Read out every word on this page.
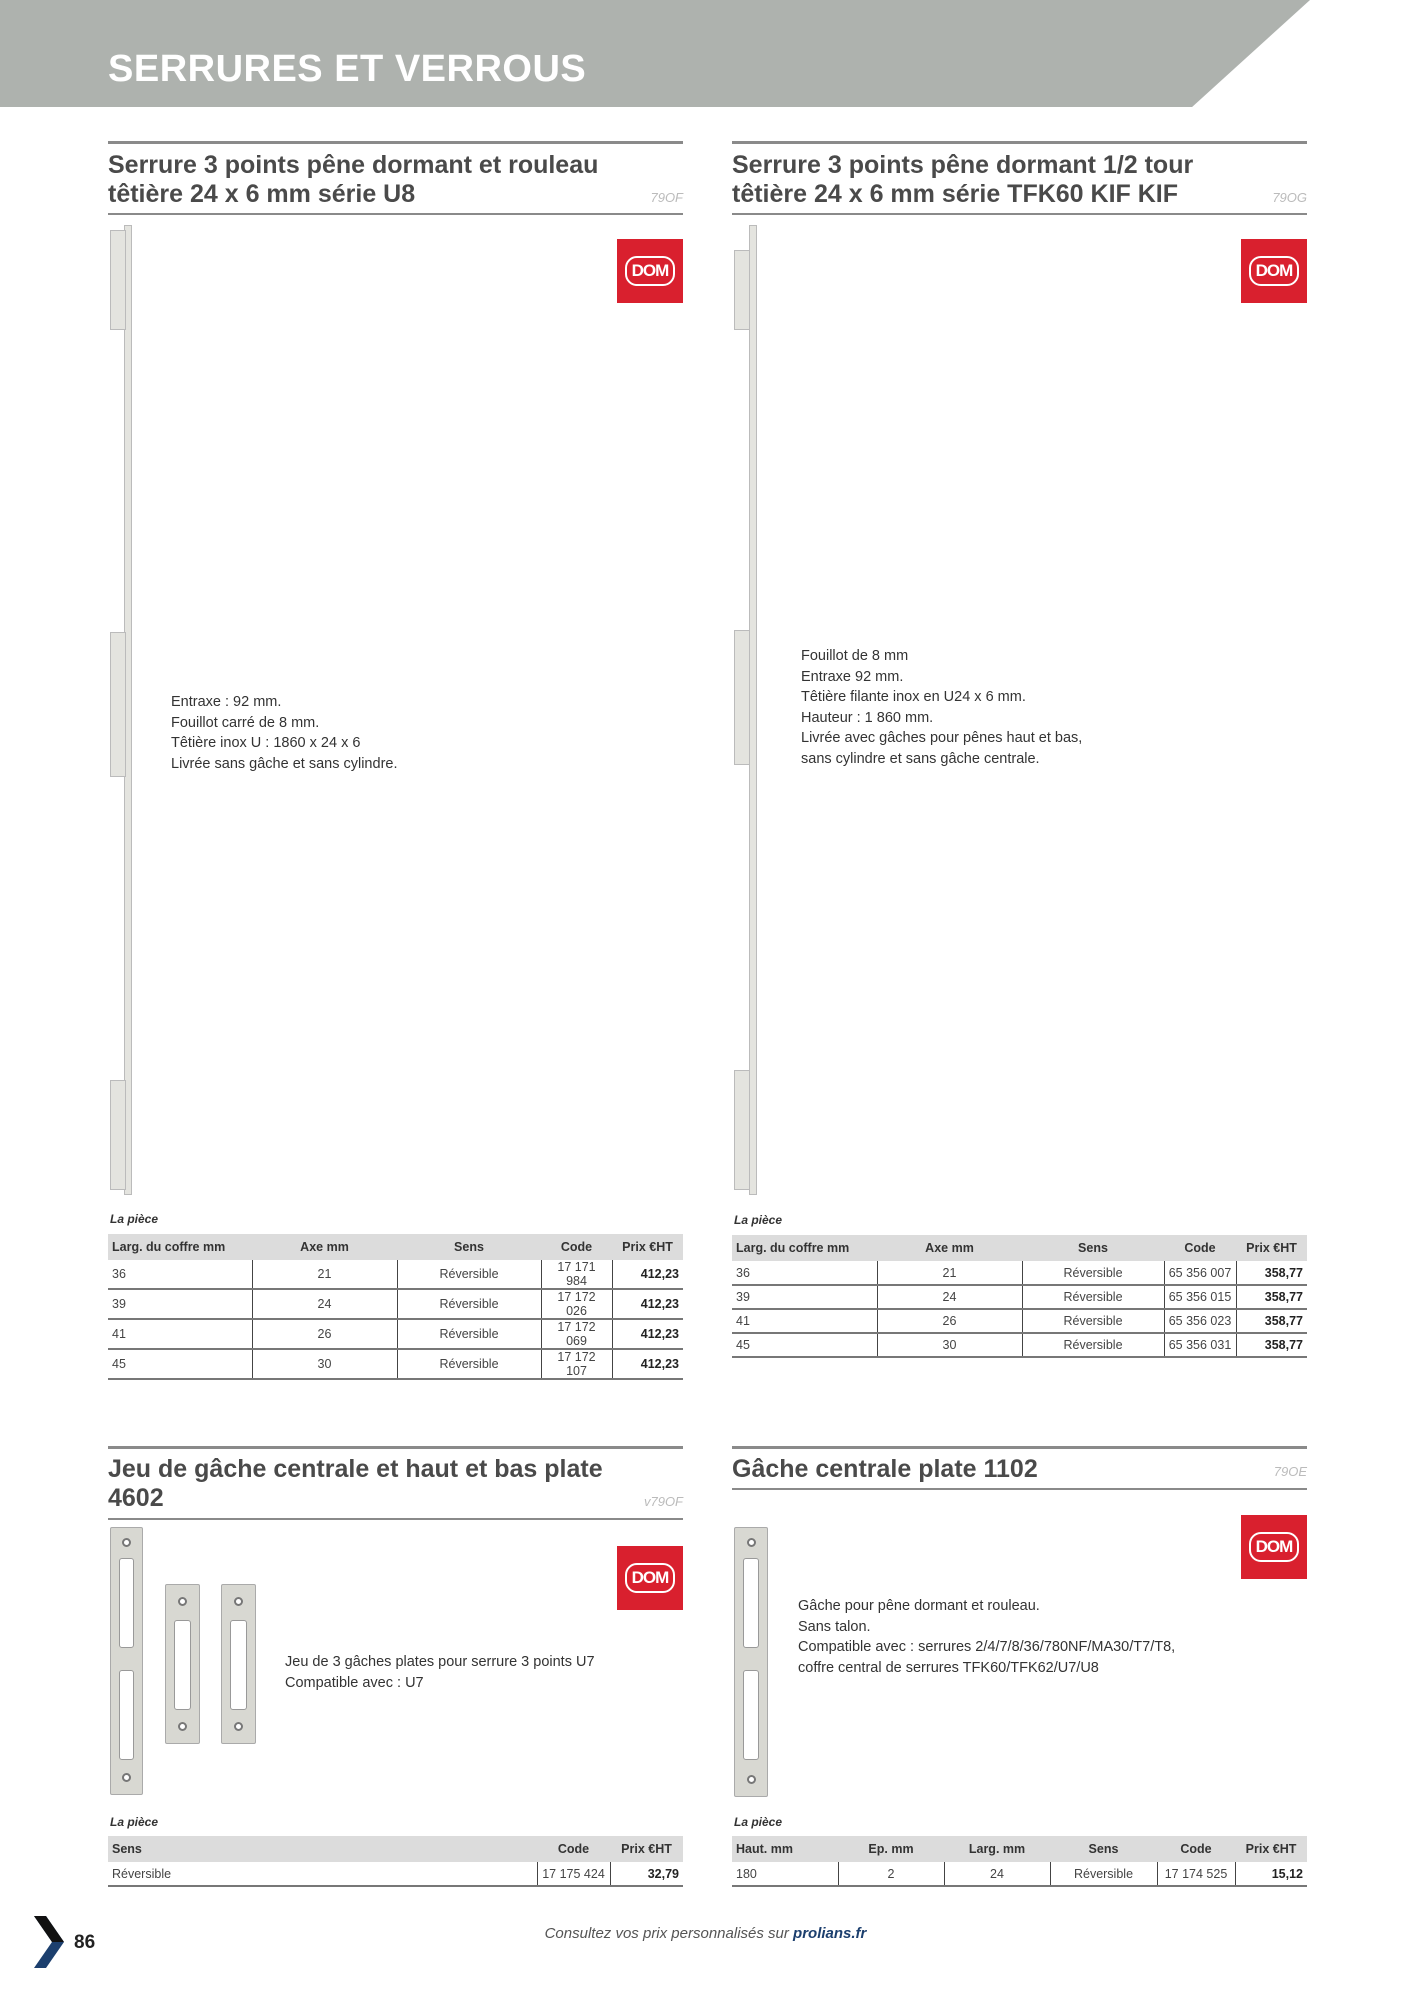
SERRURES ET VERROUS
Serrure 3 points pêne dormant et rouleau
têtière 24 x 6 mm série U8	79OF
DOM
Entraxe : 92 mm.
Fouillot carré de 8 mm.
Têtière inox U : 1860 x 24 x 6
Livrée sans gâche et sans cylindre.
La pièce
Larg. du coffre mm	Axe mm	Sens	Code	Prix €HT
36	21	Réversible	17 171 984	412,23
39	24	Réversible	17 172 026	412,23
41	26	Réversible	17 172 069	412,23
45	30	Réversible	17 172 107	412,23
Serrure 3 points pêne dormant 1/2 tour
têtière 24 x 6 mm série TFK60 KIF KIF	79OG
DOM
Fouillot de 8 mm
Entraxe 92 mm.
Têtière filante inox en U24 x 6 mm.
Hauteur : 1 860 mm.
Livrée avec gâches pour pênes haut et bas,
sans cylindre et sans gâche centrale.
La pièce
Larg. du coffre mm	Axe mm	Sens	Code	Prix €HT
36	21	Réversible	65 356 007	358,77
39	24	Réversible	65 356 015	358,77
41	26	Réversible	65 356 023	358,77
45	30	Réversible	65 356 031	358,77
Jeu de gâche centrale et haut et bas plate
4602	v79OF
DOM
Jeu de 3 gâches plates pour serrure 3 points U7
Compatible avec : U7
La pièce
Sens	Code	Prix €HT
Réversible	17 175 424	32,79
Gâche centrale plate 1102	79OE
DOM
Gâche pour pêne dormant et rouleau.
Sans talon.
Compatible avec : serrures 2/4/7/8/36/780NF/MA30/T7/T8,
coffre central de serrures TFK60/TFK62/U7/U8
La pièce
Haut. mm	Ep. mm	Larg. mm	Sens	Code	Prix €HT
180	2	24	Réversible	17 174 525	15,12
86	Consultez vos prix personnalisés sur prolians.fr
